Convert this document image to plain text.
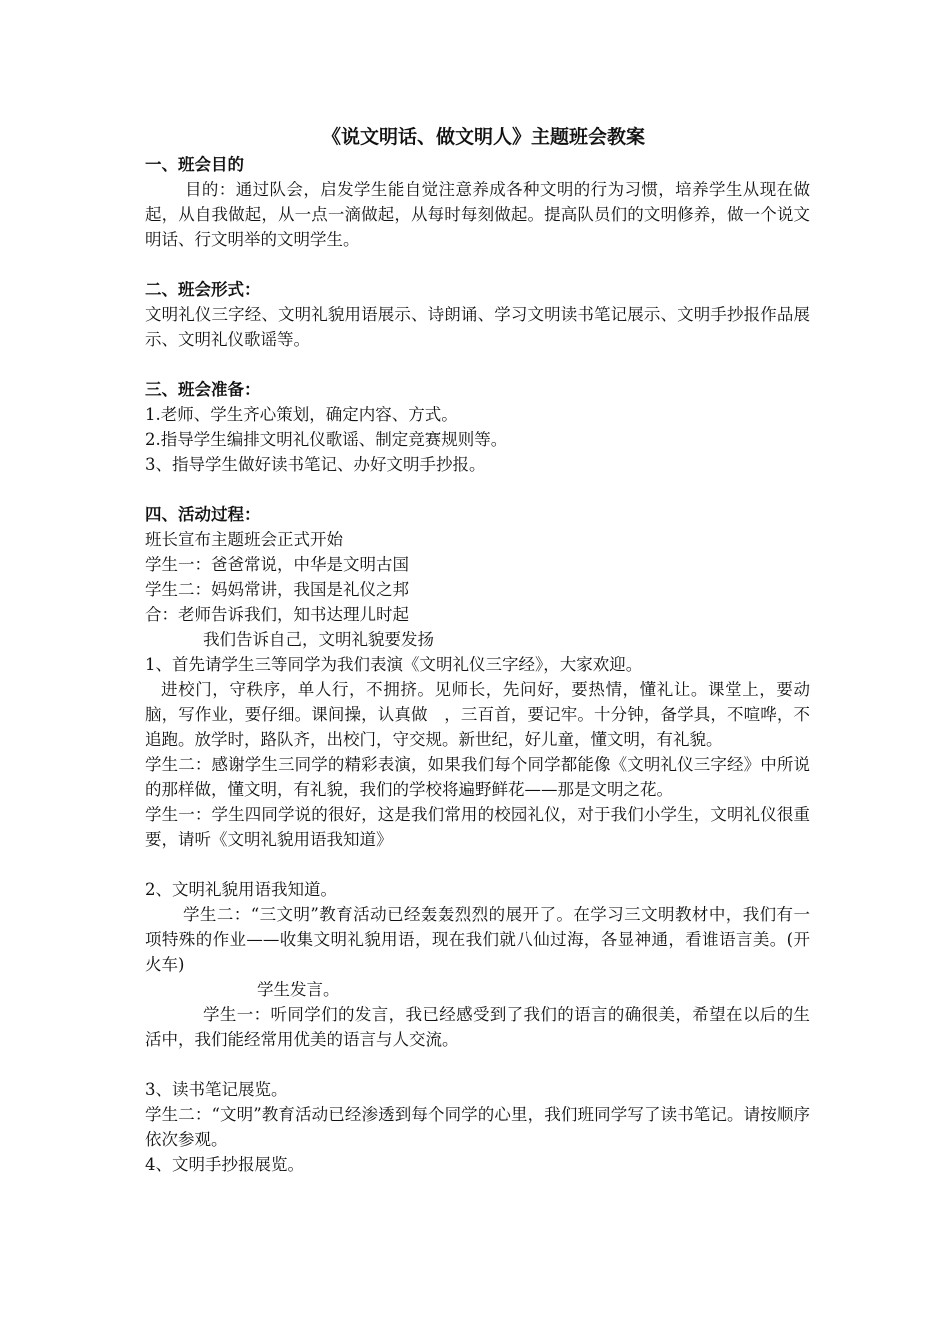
《说文明话、做文明人》主题班会教案
一、班会目的

目的：通过队会，启发学生能自觉注意养成各种文明的行为习惯，培养学生从现在做起，从自我做起，从一点一滴做起，从每时每刻做起。提高队员们的文明修养，做一个说文明话、行文明举的文明学生。

二、班会形式：

文明礼仪三字经、文明礼貌用语展示、诗朗诵、学习文明读书笔记展示、文明手抄报作品展示、文明礼仪歌谣等。

三、班会准备：

1.老师、学生齐心策划，确定内容、方式。

2.指导学生编排文明礼仪歌谣、制定竞赛规则等。

3、指导学生做好读书笔记、办好文明手抄报。

四、活动过程：

班长宣布主题班会正式开始

学生一：爸爸常说，中华是文明古国

学生二：妈妈常讲，我国是礼仪之邦

合：老师告诉我们，知书达理儿时起

我们告诉自己，文明礼貌要发扬

1、首先请学生三等同学为我们表演《文明礼仪三字经》，大家欢迎。

进校门，守秩序，单人行，不拥挤。见师长，先问好，要热情，懂礼让。课堂上，要动脑，写作业，要仔细。课间操，认真做　，三百首，要记牢。十分钟，备学具，不喧哗，不追跑。放学时，路队齐，出校门，守交规。新世纪，好儿童，懂文明，有礼貌。

学生二：感谢学生三同学的精彩表演，如果我们每个同学都能像《文明礼仪三字经》中所说的那样做，懂文明，有礼貌，我们的学校将遍野鲜花——那是文明之花。

学生一：学生四同学说的很好，这是我们常用的校园礼仪，对于我们小学生，文明礼仪很重要，请听《文明礼貌用语我知道》

2、文明礼貌用语我知道。

学生二：“三文明”教育活动已经轰轰烈烈的展开了。在学习三文明教材中，我们有一项特殊的作业——收集文明礼貌用语，现在我们就八仙过海，各显神通，看谁语言美。(开火车)

学生发言。

学生一：听同学们的发言，我已经感受到了我们的语言的确很美，希望在以后的生活中，我们能经常用优美的语言与人交流。

3、读书笔记展览。

学生二：“文明”教育活动已经渗透到每个同学的心里，我们班同学写了读书笔记。请按顺序依次参观。

4、文明手抄报展览。
